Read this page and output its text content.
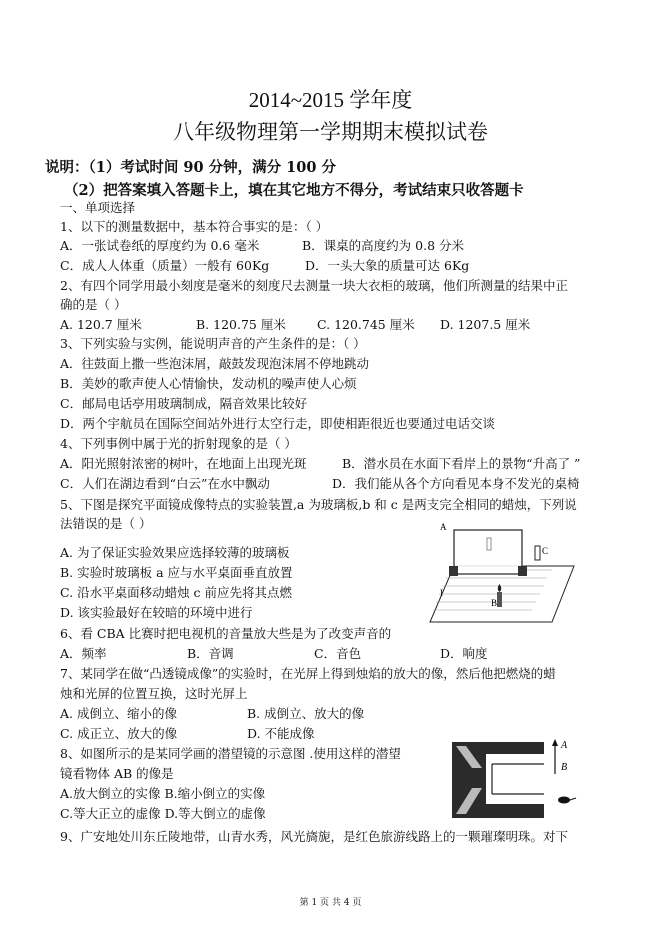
2014~2015 学年度
八年级物理第一学期期末模拟试卷
说明：（1）考试时间 90 分钟，满分 100 分
（2）把答案填入答题卡上，填在其它地方不得分，考试结束只收答题卡
一、单项选择
1、以下的测量数据中，基本符合事实的是：（ ）
A．一张试卷纸的厚度约为 0.6 毫米	B．课桌的高度约为 0.8 分米
C．成人人体重（质量）一般有 60Kg	D．一头大象的质量可达 6Kg
2、有四个同学用最小刻度是毫米的刻度尺去测量一块大衣柜的玻璃，他们所测量的结果中正
确的是（ ）
A. 120.7 厘米	B. 120.75 厘米 C. 120.745 厘米 D. 1207.5 厘米
3、下列实验与实例，能说明声音的产生条件的是：（ ）
A．往鼓面上撒一些泡沫屑，敲鼓发现泡沫屑不停地跳动
B．美妙的歌声使人心情愉快，发动机的噪声使人心烦
C．邮局电话亭用玻璃制成，隔音效果比较好
D．两个宇航员在国际空间站外进行太空行走，即使相距很近也要通过电话交谈
4、下列事例中属于光的折射现象的是（ ）
A．阳光照射浓密的树叶，在地面上出现光斑	B．潜水员在水面下看岸上的景物“升高了 ”
C．人们在湖边看到“白云”在水中飘动	D．我们能从各个方向看见本身不发光的桌椅
5、下图是探究平面镜成像特点的实验装置,a 为玻璃板,b 和 c 是两支完全相同的蜡烛，下列说
法错误的是（ ）
A. 为了保证实验效果应选择较薄的玻璃板
B. 实验时玻璃板 a 应与水平桌面垂直放置
C. 沿水平桌面移动蜡烛 c 前应先将其点燃
D. 该实验最好在较暗的环境中进行
A
C
B
I
6、看 CBA 比赛时把电视机的音量放大些是为了改变声音的
A．频率	B．音调	C．音色	D．响度
7、某同学在做“凸透镜成像”的实验时，在光屏上得到烛焰的放大的像，然后他把燃烧的蜡
烛和光屏的位置互换，这时光屏上
A. 成倒立、缩小的像	B. 成倒立、放大的像
C. 成正立、放大的像	D. 不能成像
8、如图所示的是某同学画的潜望镜的示意图 .使用这样的潜望
镜看物体 AB 的像是
A.放大倒立的实像 B.缩小倒立的实像
C.等大正立的虚像 D.等大倒立的虚像
A
B
9、广安地处川东丘陵地带，山青水秀，风光旖旎，是红色旅游线路上的一颗璀璨明珠。对下
第 1 页 共 4 页
